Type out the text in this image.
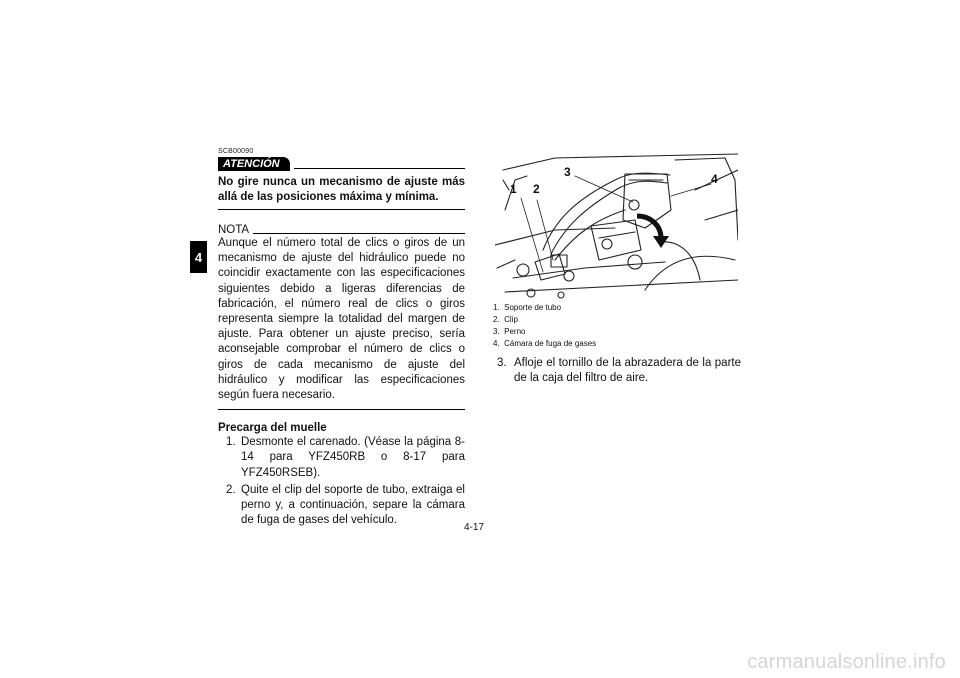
4
SCB00090
ATENCIÓN
No gire nunca un mecanismo de ajuste más allá de las posiciones máxima y mínima.
NOTA
Aunque el número total de clics o giros de un mecanismo de ajuste del hidráulico puede no coincidir exactamente con las especificaciones siguientes debido a ligeras diferencias de fabricación, el número real de clics o giros representa siempre la totalidad del margen de ajuste. Para obtener un ajuste preciso, sería aconsejable comprobar el número de clics o giros de cada mecanismo de ajuste del hidráulico y modificar las especificaciones según fuera necesario.
Precarga del muelle
1. Desmonte el carenado. (Véase la página 8-14 para YFZ450RB o 8-17 para YFZ450RSEB).
2. Quite el clip del soporte de tubo, extraiga el perno y, a continuación, separe la cámara de fuga de gases del vehículo.
1 2
3	4
1. Soporte de tubo
2. Clip
3. Perno
4. Cámara de fuga de gases
3. Afloje el tornillo de la abrazadera de la parte de la caja del filtro de aire.
4-17
carmanualsonline.info
